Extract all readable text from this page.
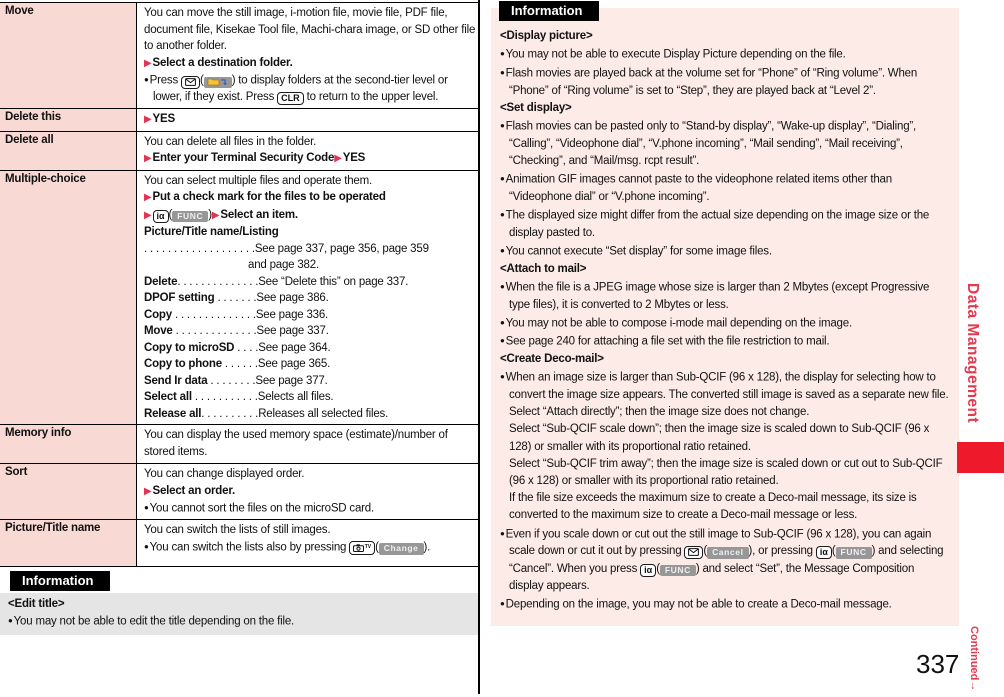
Move	You can move the still image, i-motion file, movie file, PDF file, document file, Kisekae Tool file, Machi-chara image, or SD other file to another folder.
▶Select a destination folder.
●Press ( ) to display folders at the second-tier level or lower, if they exist. Press CLR to return to the upper level.
Delete this	▶YES
Delete all	You can delete all files in the folder.
▶Enter your Terminal Security Code▶YES
Multiple-choice	You can select multiple files and operate them.
▶Put a check mark for the files to be operated
▶ iα ( FUNC )▶Select an item.
Picture/Title name/Listing
. . . . . . . . . . . . . . . . . . .See page 337, page 356, page 359
and page 382.
Delete. . . . . . . . . . . . . .See “Delete this” on page 337.
DPOF setting . . . . . . .See page 386.
Copy . . . . . . . . . . . . . .See page 336.
Move . . . . . . . . . . . . . .See page 337.
Copy to microSD . . . .See page 364.
Copy to phone . . . . . .See page 365.
Send Ir data . . . . . . . .See page 377.
Select all . . . . . . . . . . .Selects all files.
Release all. . . . . . . . . .Releases all selected files.
Memory info	You can display the used memory space (estimate)/number of stored items.
Sort	You can change displayed order.
▶Select an order.
●You cannot sort the files on the microSD card.
Picture/Title name	You can switch the lists of still images.
●You can switch the lists also by pressing	$^{TV}$ ( Change ).
Information
<Edit title>
●You may not be able to edit the title depending on the file.
Information
<Display picture>
●You may not be able to execute Display Picture depending on the file.
●Flash movies are played back at the volume set for “Phone” of “Ring volume”. When “Phone” of “Ring volume” is set to “Step”, they are played back at “Level 2”.
<Set display>
●Flash movies can be pasted only to “Stand-by display”, “Wake-up display”, “Dialing”, “Calling”, “Videophone dial”, “V.phone incoming”, “Mail sending”, “Mail receiving”, “Checking”, and “Mail/msg. rcpt result”.
●Animation GIF images cannot paste to the videophone related items other than “Videophone dial” or “V.phone incoming”.
●The displayed size might differ from the actual size depending on the image size or the display pasted to.
●You cannot execute “Set display” for some image files.
<Attach to mail>
●When the file is a JPEG image whose size is larger than 2 Mbytes (except Progressive type files), it is converted to 2 Mbytes or less.
●You may not be able to compose i-mode mail depending on the image.
●See page 240 for attaching a file set with the file restriction to mail.
<Create Deco-mail>
●When an image size is larger than Sub-QCIF (96 x 128), the display for selecting how to convert the image size appears. The converted still image is saved as a separate new file.
Select “Attach directly”; then the image size does not change.
Select “Sub-QCIF scale down”; then the image size is scaled down to Sub-QCIF (96 x 128) or smaller with its proportional ratio retained.
Select “Sub-QCIF trim away”; then the image size is scaled down or cut out to Sub-QCIF (96 x 128) or smaller with its proportional ratio retained.
If the file size exceeds the maximum size to create a Deco-mail message, its size is converted to the maximum size to create a Deco-mail message or less.
●Even if you scale down or cut out the still image to Sub-QCIF (96 x 128), you can again scale down or cut it out by pressing ( Cancel ), or pressing iα ( FUNC ) and selecting “Cancel”. When you press iα ( FUNC ) and select “Set”, the Message Composition display appears.
●Depending on the image, you may not be able to create a Deco-mail message.
Data Management
Continued→
337
